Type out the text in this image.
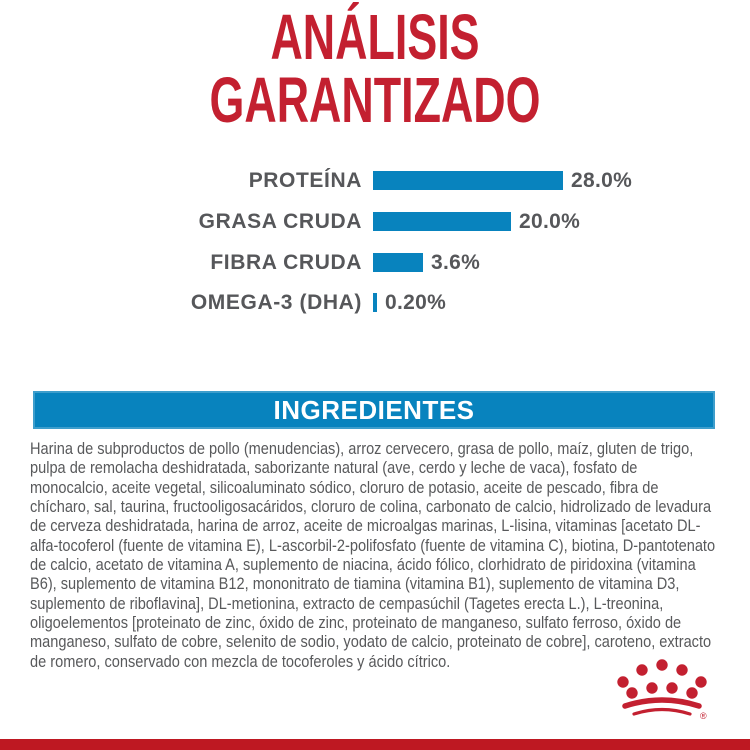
ANÁLISIS
GARANTIZADO
PROTEÍNA	28.0%
GRASA CRUDA	20.0%
FIBRA CRUDA	3.6%
OMEGA-3 (DHA) 0.20%
INGREDIENTES

Harina de subproductos de pollo (menudencias), arroz cervecero, grasa de pollo, maíz, gluten de trigo, pulpa de remolacha deshidratada, saborizante natural (ave, cerdo y leche de vaca), fosfato de monocalcio, aceite vegetal, silicoaluminato sódico, cloruro de potasio, aceite de pescado, fibra de chícharo, sal, taurina, fructooligosacáridos, cloruro de colina, carbonato de calcio, hidrolizado de levadura de cerveza deshidratada, harina de arroz, aceite de microalgas marinas, L-lisina, vitaminas [acetato DL-alfa-tocoferol (fuente de vitamina E), L-ascorbil-2-polifosfato (fuente de vitamina C), biotina, D-pantotenato de calcio, acetato de vitamina A, suplemento de niacina, ácido fólico, clorhidrato de piridoxina (vitamina B6), suplemento de vitamina B12, mononitrato de tiamina (vitamina B1), suplemento de vitamina D3, suplemento de riboflavina], DL-metionina, extracto de cempasúchil (Tagetes erecta L.), L-treonina, oligoelementos [proteinato de zinc, óxido de zinc, proteinato de manganeso, sulfato ferroso, óxido de manganeso, sulfato de cobre, selenito de sodio, yodato de calcio, proteinato de cobre], caroteno, extracto de romero, conservado con mezcla de tocoferoles y ácido cítrico.

®
